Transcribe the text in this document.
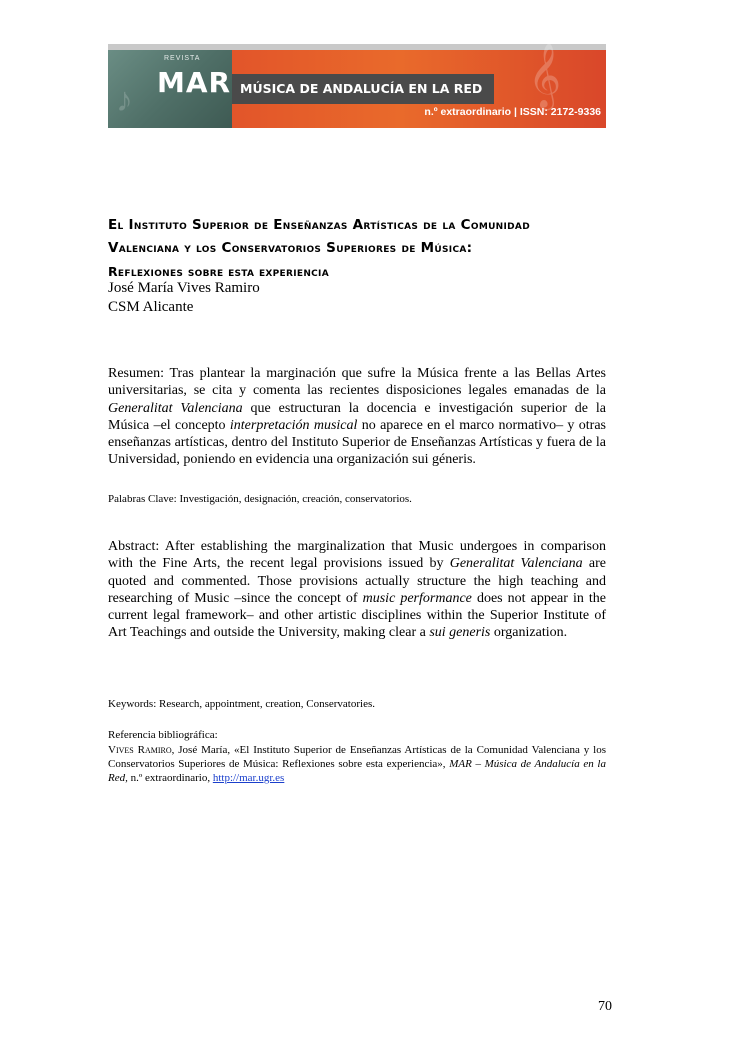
♪	𝄞
REVISTA
MAR MÚSICA DE ANDALUCÍA EN LA RED
n.º extraordinario | ISSN: 2172-9336
El Instituto Superior de Enseñanzas Artísticas de la Comunidad
Valenciana y los Conservatorios Superiores de Música:
Reflexiones sobre esta experiencia
José María Vives Ramiro
CSM Alicante
Resumen: Tras plantear la marginación que sufre la Música frente a las Bellas Artes universitarias, se cita y comenta las recientes disposiciones legales emanadas de la Generalitat Valenciana que estructuran la docencia e investigación superior de la Música –el concepto interpretación musical no aparece en el marco normativo– y otras enseñanzas artísticas, dentro del Instituto Superior de Enseñanzas Artísticas y fuera de la Universidad, poniendo en evidencia una organización sui géneris.
Palabras Clave: Investigación, designación, creación, conservatorios.
Abstract: After establishing the marginalization that Music undergoes in comparison with the Fine Arts, the recent legal provisions issued by Generalitat Valenciana are quoted and commented. Those provisions actually structure the high teaching and researching of Music –since the concept of music performance does not appear in the current legal framework– and other artistic disciplines within the Superior Institute of Art Teachings and outside the University, making clear a sui generis organization.
Keywords: Research, appointment, creation, Conservatories.
Referencia bibliográfica:
Vives Ramiro, José María, «El Instituto Superior de Enseñanzas Artísticas de la Comunidad Valenciana y los Conservatorios Superiores de Música: Reflexiones sobre esta experiencia», MAR – Música de Andalucía en la Red, n.º extraordinario, http://mar.ugr.es
70
